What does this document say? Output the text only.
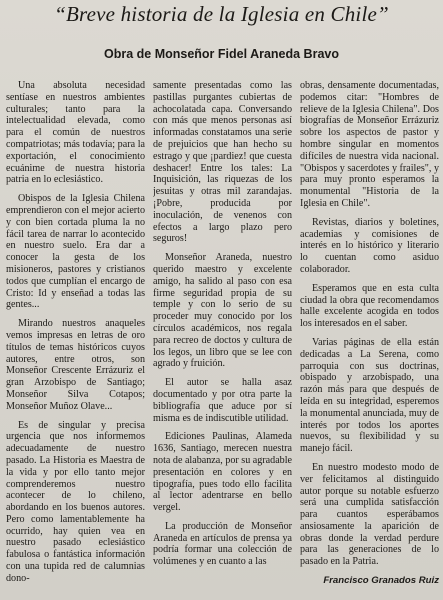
“Breve historia de la Iglesia en Chile”
Obra de Monseñor Fidel Araneda Bravo

Una absoluta necesidad sentíase en nuestros ambientes culturales; tanto para la intelectualidad elevada, como para el común de nuestros compatriotas; más todavía; para la exportación, el conocimiento ecuánime de nuestra historia patria en lo eclesiástico.

Obispos de la Iglesia Chilena emprendieron con el mejor acierto y con bien cortada pluma la no fácil tarea de narrar lo acontecido en nuestro suelo. Era dar a conocer la gesta de los misioneros, pastores y cristianos todos que cumplían el encargo de Cristo: Id y enseñad a todas las gentes...

Mirando nuestros anaqueles vemos impresas en letras de oro títulos de temas históricos cuyos autores, entre otros, son Monseñor Crescente Errázuriz el gran Arzobispo de Santiago; Monseñor Silva Cotapos; Monseñor Muñoz Olave...

Es de singular y precisa urgencia que nos informemos adecuadamente de nuestro pasado. La Historia es Maestra de la vida y por ello tanto mejor comprenderemos nuestro acontecer de lo chileno, abordando en los buenos autores. Pero como lamentablemente ha ocurrido, hay quien vea en nuestro pasado eclesiástico fabulosa o fantástica información con una tupida red de calumnias dono-

samente presentadas como las pastillas purgantes cubiertas de achocolatada capa. Conversando con más que menos personas así informadas constatamos una serie de prejuicios que han hecho su estrago y que ¡pardiez! que cuesta deshacer! Entre los tales: La Inquisición, las riquezas de los jesuitas y otras mil zarandajas. ¡Pobre, producida por inoculación, de venenos con efectos a largo plazo pero seguros!

Monseñor Araneda, nuestro querido maestro y excelente amigo, ha salido al paso con esa firme seguridad propia de su temple y con lo serio de su proceder muy conocido por los círculos académicos, nos regala para recreo de doctos y cultura de los legos, un libro que se lee con agrado y fruición.

El autor se halla asaz documentado y por otra parte la bibliografía que aduce por sí misma es de indiscutible utilidad.

Ediciones Paulinas, Alameda 1636, Santiago, merecen nuestra nota de alabanza, por su agradable presentación en colores y en tipografía, pues todo ello facilita al lector adentrarse en bello vergel.

La producción de Monseñor Araneda en artículos de prensa ya podría formar una colección de volúmenes y en cuanto a las

obras, densamente documentadas, podemos citar: "Hombres de relieve de la Iglesia Chilena". Dos biografías de Monseñor Errázuriz sobre los aspectos de pastor y hombre singular en momentos difíciles de nuestra vida nacional. "Obispos y sacerdotes y frailes", y para muy pronto esperamos la monumental "Historia de la Iglesia en Chile".

Revistas, diarios y boletines, academias y comisiones de interés en lo histórico y literario lo cuentan como asiduo colaborador.

Esperamos que en esta culta ciudad la obra que recomendamos halle excelente acogida en todos los interesados en el saber.

Varias páginas de ella están dedicadas a La Serena, como parroquia con sus doctrinas, obispado y arzobispado, una razón más para que después de leída en su integridad, esperemos la monumental anunciada, muy de interés por todos los aportes nuevos, su flexibilidad y su manejo fácil.

En nuestro modesto modo de ver felicitamos al distinguido autor porque su notable esfuerzo será una cumplida satisfacción para cuantos esperábamos ansiosamente la aparición de obras donde la verdad perdure para las generaciones de lo pasado en la Patria.

Francisco Granados Ruiz
